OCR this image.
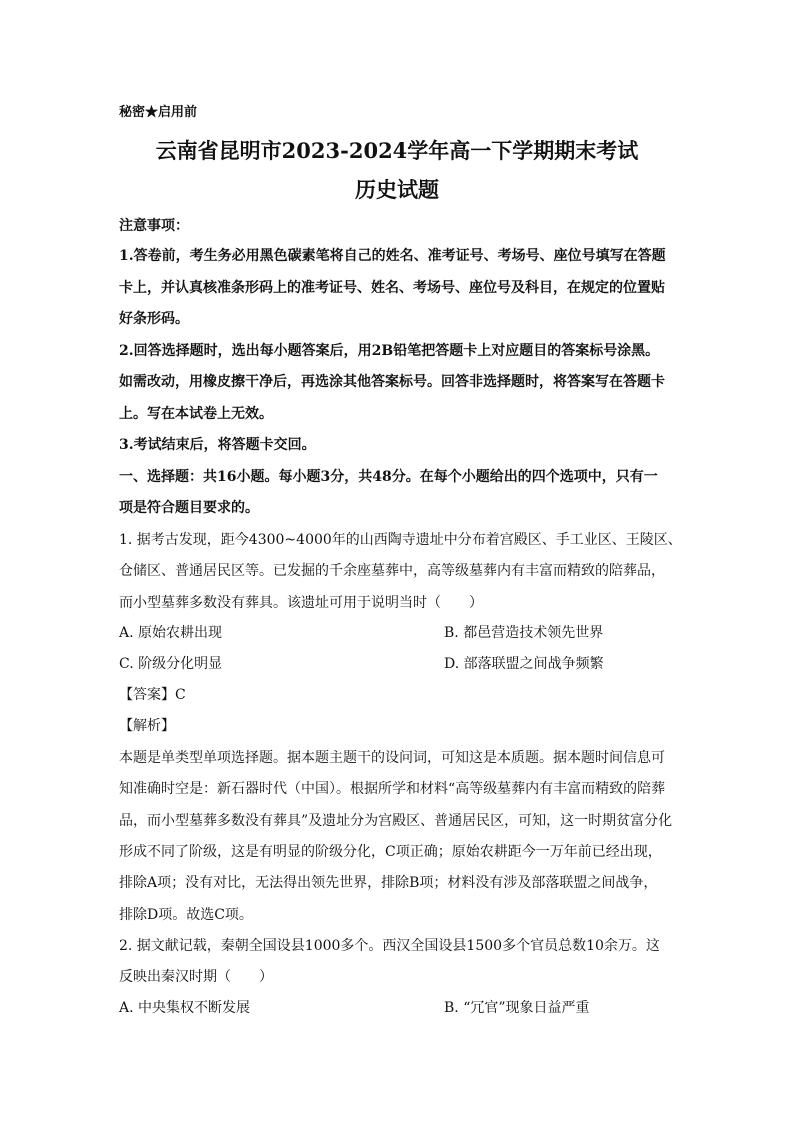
秘密★启用前
云南省昆明市2023-2024学年高一下学期期末考试
历史试题
注意事项：
1.答卷前，考生务必用黑色碳素笔将自己的姓名、准考证号、考场号、座位号填写在答题
卡上，并认真核准条形码上的准考证号、姓名、考场号、座位号及科目，在规定的位置贴
好条形码。
2.回答选择题时，选出每小题答案后，用2B铅笔把答题卡上对应题目的答案标号涂黑。
如需改动，用橡皮擦干净后，再选涂其他答案标号。回答非选择题时，将答案写在答题卡
上。写在本试卷上无效。
3.考试结束后，将答题卡交回。
一、选择题：共16小题。每小题3分，共48分。在每个小题给出的四个选项中，只有一
项是符合题目要求的。
1. 据考古发现，距今4300~4000年的山西陶寺遗址中分布着宫殿区、手工业区、王陵区、
仓储区、普通居民区等。已发掘的千余座墓葬中，高等级墓葬内有丰富而精致的陪葬品，
而小型墓葬多数没有葬具。该遗址可用于说明当时（　　）
A. 原始农耕出现	B. 都邑营造技术领先世界
C. 阶级分化明显	D. 部落联盟之间战争频繁
【答案】C
【解析】
本题是单类型单项选择题。据本题主题干的设问词，可知这是本质题。据本题时间信息可
知准确时空是：新石器时代（中国）。根据所学和材料“高等级墓葬内有丰富而精致的陪葬
品，而小型墓葬多数没有葬具”及遗址分为宫殿区、普通居民区，可知，这一时期贫富分化
形成不同了阶级，这是有明显的阶级分化，C项正确；原始农耕距今一万年前已经出现，
排除A项；没有对比，无法得出领先世界，排除B项；材料没有涉及部落联盟之间战争，
排除D项。故选C项。
2. 据文献记载，秦朝全国设县1000多个。西汉全国设县1500多个官员总数10余万。这
反映出秦汉时期（　　）
A. 中央集权不断发展	B. “冗官”现象日益严重
